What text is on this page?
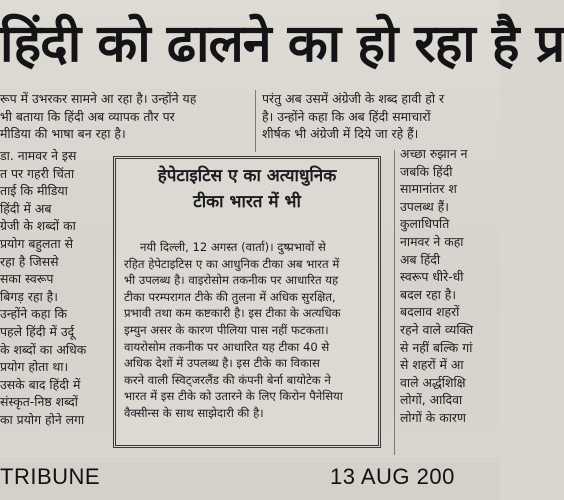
हिंदी को ढालने का हो रहा है प्र
रूप में उभरकर सामने आ रहा है। उन्होंने यह
भी बताया कि हिंदी अब व्यापक तौर पर
मीडिया की भाषा बन रहा है।
परंतु अब उसमें अंग्रेजी के शब्द हावी हो र
है। उन्होंने कहा कि अब हिंदी समाचारों
शीर्षक भी अंग्रेजी में दिये जा रहे हैं।
डा. नामवर ने इस
त पर गहरी चिंता
ताई कि मीडिया
हिंदी में अब
ग्रेजी के शब्दों का
प्रयोग बहुलता से
रहा है जिससे
सका स्वरूप
बिगड़ रहा है।
उन्होंने कहा कि
पहले हिंदी में उर्दू
के शब्दों का अधिक
प्रयोग होता था।
उसके बाद हिंदी में
संस्कृत-निष्ठ शब्दों
का प्रयोग होने लगा
हेपेटाइटिस ए का अत्याधुनिक
टीका भारत में भी
नयी दिल्ली, 12 अगस्त (वार्ता)। दुष्प्रभावों से
रहित हेपेटाइटिस ए का आधुनिक टीका अब भारत में
भी उपलब्ध है। वाइरोसोम तकनीक पर आधारित यह
टीका परम्परागत टीके की तुलना में अधिक सुरक्षित,
प्रभावी तथा कम कष्टकारी है। इस टीका के अत्यधिक
इम्युन असर के कारण पीलिया पास नहीं फटकता।
वायरोसोम तकनीक पर आधारित यह टीका 40 से
अधिक देशों में उपलब्ध है। इस टीके का विकास
करने वाली स्विट्जरलैंड की कंपनी बेर्ना बायोटेक ने
भारत में इस टीके को उतारने के लिए किरोन पैनेसिया
वैक्सीन्स के साथ साझेदारी की है।
अच्छा रुझान न
जबकि हिंदी
सामानांतर श
उपलब्ध हैं।
कुलाधिपति
नामवर ने कहा
अब हिंदी
स्वरूप धीरे-धी
बदल रहा है।
बदलाव शहरों
रहने वाले व्यक्ति
से नहीं बल्कि गां
से शहरों में आ
वाले अर्द्धशिक्षि
लोगों, आदिवा
लोगों के कारण
TRIBUNE	13 AUG 200
